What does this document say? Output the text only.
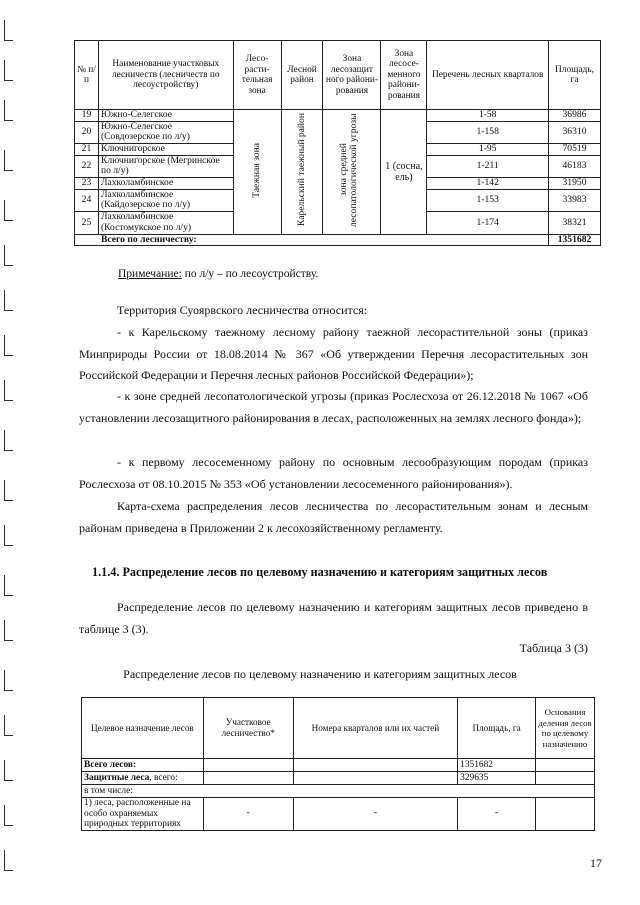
№ п/п	Наименование участковых лесничеств (лесничеств по лесоустройству)	Лесо-расти-тельная зона	Лесной район	Зона лесозащит ного райони-рования	Зона лесосе-менного райони-рования	Перечень лесных кварталов	Площадь, га
19	Южно-Селегское	Таежная зона	Карельский таежный район	зона средней лесопатологической угрозы	1 (сосна, ель)	1-58	36986
20	Южно-Селегское (Совдозерское по л/у)					1-158	36310
21	Ключнигорское					1-95	70519
22	Ключнигорское (Мегринское по л/у)					1-211	46183
23	Лахколамбинское					1-142	31950
24	Лахколамбинское (Кайдозерское по л/у)					1-153	33983
25	Лахколамбинское (Костомукское по л/у)					1-174	38321
Всего по лесничеству:							1351682
Примечание: по л/у – по лесоустройству.
Территория Суоярвского лесничества относится:
- к Карельскому таежному лесному району таежной лесорастительной зоны (приказ Минприроды России от 18.08.2014 № 367 «Об утверждении Перечня лесорастительных зон Российской Федерации и Перечня лесных районов Российской Федерации»);
- к зоне средней лесопатологической угрозы (приказ Рослесхоза от 26.12.2018 № 1067 «Об установлении лесозащитного районирования в лесах, расположенных на землях лесного фонда»);
- к первому лесосеменному району по основным лесообразующим породам (приказ Рослесхоза от 08.10.2015 № 353 «Об установлении лесосеменного районирования»).
Карта-схема распределения лесов лесничества по лесорастительным зонам и лесным районам приведена в Приложении 2 к лесохозяйственному регламенту.
1.1.4. Распределение лесов по целевому назначению и категориям защитных лесов
Распределение лесов по целевому назначению и категориям защитных лесов приведено в таблице 3 (3).
Таблица 3 (3)
Распределение лесов по целевому назначению и категориям защитных лесов
Целевое назначение лесов	Участковое лесничество*	Номера кварталов или их частей	Площадь, га	Основания деления лесов по целевому назначению
Всего лесов:			1351682	
Защитные леса, всего:			329635	
в том числе:				
1) леса, расположенные на особо охраняемых природных территориях	-	-	-	
17
